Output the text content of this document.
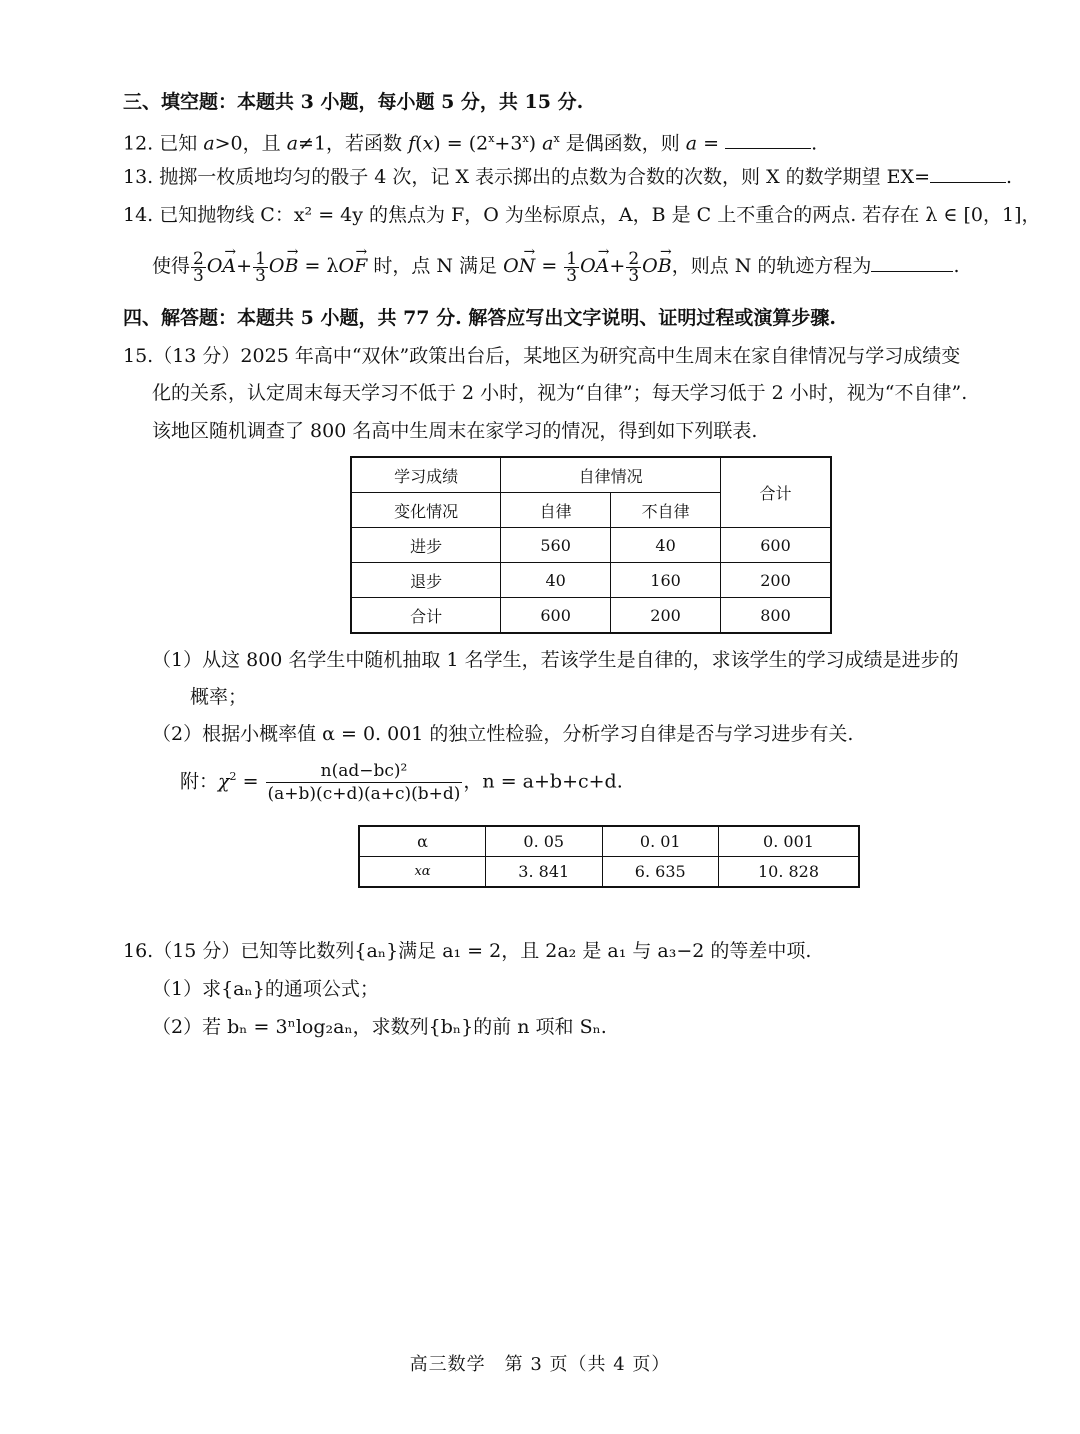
三、填空题：本题共 3 小题，每小题 5 分，共 15 分.
12. 已知 a>0，且 a≠1，若函数 $f(x) = (2^x+3^x)$ $a^x$ 是偶函数，则 a =	.
13. 抛掷一枚质地均匀的骰子 4 次，记 X 表示掷出的点数为合数的次数，则 X 的数学期望 EX=	.
14. 已知抛物线 C：x² = 4y 的焦点为 F，O 为坐标原点，A，B 是 C 上不重合的两点. 若存在 λ ∈ [0，1]，
使得 $\frac{2}{3} \to OA+ \frac{1}{3}$ → OB = λ→ OF 时，点 N 满足 → ON = $\frac{1}{3} \to OA+ \frac{2}{3}$ → OB，则点 N 的轨迹方程为	.
四、解答题：本题共 5 小题，共 77 分. 解答应写出文字说明、证明过程或演算步骤.
15.（13 分）2025 年高中“双休”政策出台后，某地区为研究高中生周末在家自律情况与学习成绩变
化的关系，认定周末每天学习不低于 2 小时，视为“自律”；每天学习低于 2 小时，视为“不自律”.
该地区随机调查了 800 名高中生周末在家学习的情况，得到如下列联表.
学习成绩	自律情况		合计
变化情况	自律	不自律	
进步	560	40	600
退步	40	160	200
合计	600	200	800
（1）从这 800 名学生中随机抽取 1 名学生，若该学生是自律的，求该学生的学习成绩是进步的
概率；
（2）根据小概率值 α = 0. 001 的独立性检验，分析学习自律是否与学习进步有关.
附：$\chi^2 = \frac{\text{n(ad−bc)²}}{(a+b)(c+d)(a+c)(b+d)}$ ，n = a+b+c+d.
α	0. 05	0. 01	0. 001
xα	3. 841	6. 635	10. 828
16.（15 分）已知等比数列{aₙ}满足 a₁ = 2，且 2a₂ 是 a₁ 与 a₃−2 的等差中项.
（1）求{aₙ}的通项公式；
（2）若 bₙ = 3ⁿlog₂aₙ，求数列{bₙ}的前 n 项和 Sₙ.
高三数学　第 3 页（共 4 页）
